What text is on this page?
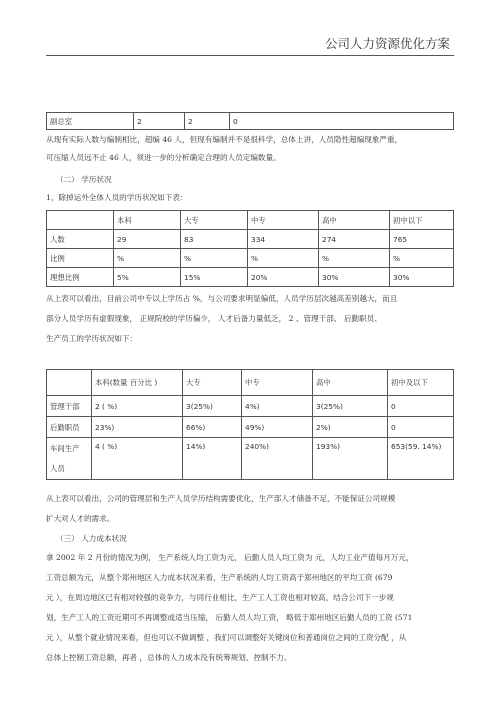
公司人力资源优化方案
副总室	2	2	0
从现有实际人数与编制相比，超编 46 人，但现有编制并不是很科学，总体上讲，人员隐性超编现象严重，
可压缩人员远不止 46 人，须进一步的分析确定合理的人员定编数量。
（二） 学历状况
1、除掉运外全体人员的学历状况如下表：
	本科	大专	中专	高中	初中以下
人数	29	83	334	274	765
比例	%	%	%	%	%
理想比例	5%	15%	20%	30%	30%
从上表可以看出，目前公司中专以上学历占 %，与公司要求明显偏低，人员学历层次越高差别越大，而且
部分人员学历有虚假现象， 正规院校的学历偏少， 人才后备力量低乏， 2 、管理干部、 后勤职员、
生产员工的学历状况如下：
	本科(数量 百分比 )	大专	中专	高中	初中及以下
管理干部	2 ( %)	3(25%)	4%)	3(25%)	0
后勤职员	23%)	66%)	49%)	2%)	0
车间生产
人员	4 ( %)	14%)	240%)	193%)	653(59. 14%)
从上表可以看出，公司的管理层和生产人员学历结构需要优化，生产部人才储备不足，不能保证公司规模
扩大对人才的需求。
（三） 人力成本状况
拿 2002 年 2 月份的情况为例， 生产系统人均工资为元， 后勤人员人均工资为 元，人均工业产值每月万元，
工资总额为元，从整个郑州地区人力成本状况来看，生产系统的人均工资高于郑州地区的平均工资 (679
元 ），在周边地区已有相对较强的竞争力，与同行业相比，生产工人工资也相对较高，结合公司下一步规
划，生产工人的工资近期可不再调整或适当压缩， 后勤人员人均工资， 略低于郑州地区后勤人员的工资 (571
元 ），从整个就业情况来看，但也可以不做调整 ，我们可以调整好关键岗位和普通岗位之间的工资分配 ，从
总体上控制工资总额，再者 ，总体的人力成本没有统筹规划，控制不力。
